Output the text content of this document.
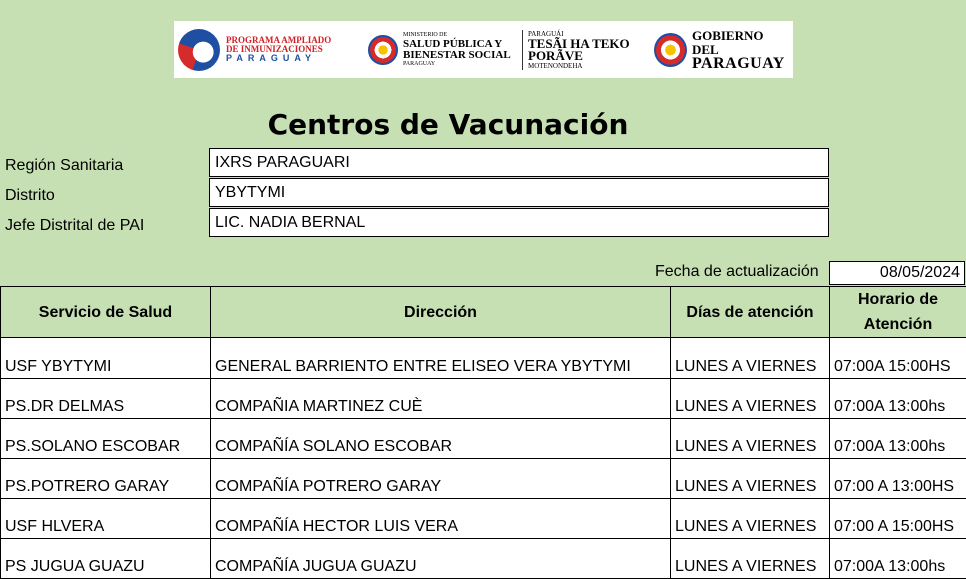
PROGRAMA AMPLIADO
DE INMUNIZACIONES
PARAGUAY
MINISTERIO DE
SALUD PÚBLICA Y
BIENESTAR SOCIAL
PARAGUAY
PARAGUÁI
TESÃI HA TEKO
PORÃVE
MOTENONDEHA
GOBIERNO DEL
PARAGUAY
Centros de Vacunación
Región Sanitaria	IXRS PARAGUARI
Distrito	YBYTYMI
Jefe Distrital de PAI	LIC. NADIA BERNAL
Fecha de actualización	08/05/2024
Servicio de Salud	Dirección	Días de atención	Horario de Atención
USF YBYTYMI	GENERAL BARRIENTO ENTRE ELISEO VERA YBYTYMI	LUNES A VIERNES	07:00A 15:00HS
PS.DR DELMAS	COMPAÑIA MARTINEZ CUÈ	LUNES A VIERNES	07:00A 13:00hs
PS.SOLANO ESCOBAR	COMPAÑÍA SOLANO ESCOBAR	LUNES A VIERNES	07:00A 13:00hs
PS.POTRERO GARAY	COMPAÑÍA POTRERO GARAY	LUNES A VIERNES	07:00 A 13:00HS
USF HLVERA	COMPAÑÍA HECTOR LUIS VERA	LUNES A VIERNES	07:00 A 15:00HS
PS JUGUA GUAZU	COMPAÑÍA JUGUA GUAZU	LUNES A VIERNES	07:00A 13:00hs
